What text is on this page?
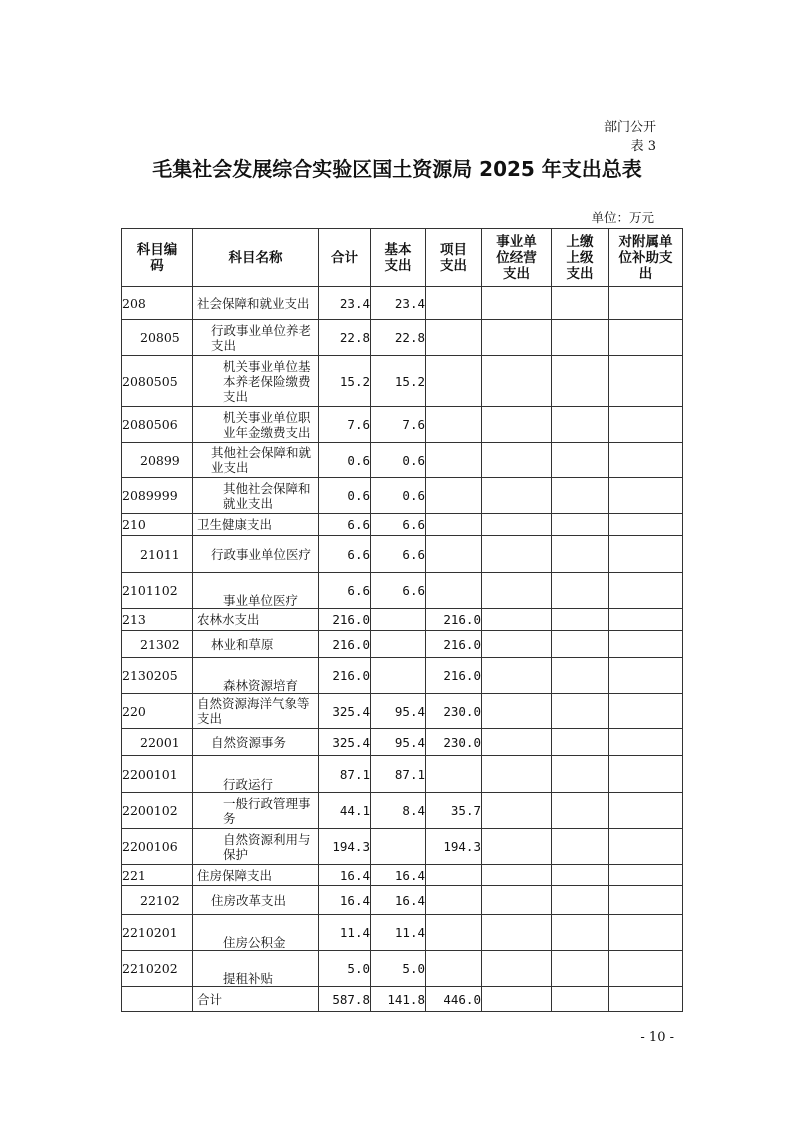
部门公开表 3
毛集社会发展综合实验区国土资源局 2025 年支出总表
单位：万元
科目编码	科目名称	合计	基本支出	项目支出	事业单位经营支出	上缴上级支出	对附属单位补助支出
208	社会保障和就业支出	23.4	23.4				
20805	行政事业单位养老支出	22.8	22.8				
2080505	机关事业单位基本养老保险缴费支出	15.2	15.2				
2080506	机关事业单位职业年金缴费支出	7.6	7.6				
20899	其他社会保障和就业支出	0.6	0.6				
2089999	其他社会保障和就业支出	0.6	0.6				
210	卫生健康支出	6.6	6.6				
21011	行政事业单位医疗	6.6	6.6				
2101102	事业单位医疗	6.6	6.6				
213	农林水支出	216.0		216.0			
21302	林业和草原	216.0		216.0			
2130205	森林资源培育	216.0		216.0			
220	自然资源海洋气象等支出	325.4	95.4	230.0			
22001	自然资源事务	325.4	95.4	230.0			
2200101	行政运行	87.1	87.1				
2200102	一般行政管理事务	44.1	8.4	35.7			
2200106	自然资源利用与保护	194.3		194.3			
221	住房保障支出	16.4	16.4				
22102	住房改革支出	16.4	16.4				
2210201	住房公积金	11.4	11.4				
2210202	提租补贴	5.0	5.0				
	合计	587.8	141.8	446.0			
- 10 -
